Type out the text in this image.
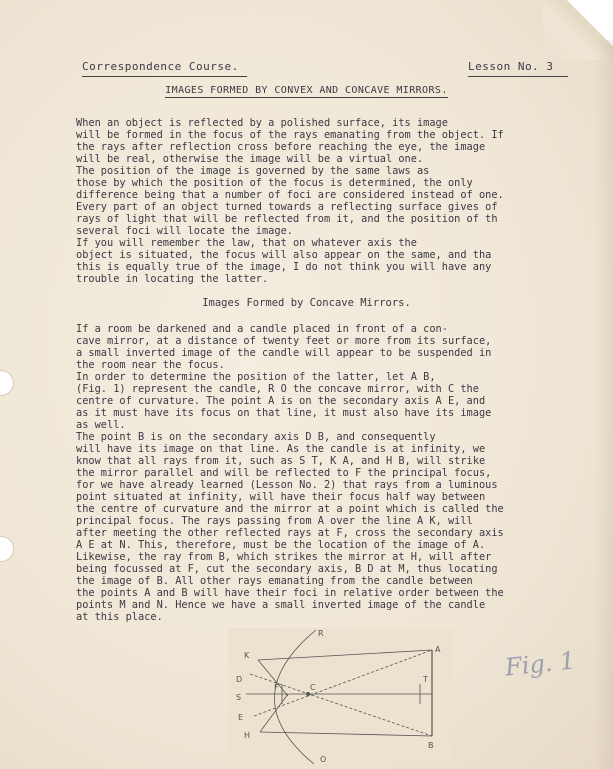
Correspondence Course.	Lesson No. 3
IMAGES FORMED BY CONVEX AND CONCAVE MIRRORS.
When an object is reflected by a polished surface, its image
will be formed in the focus of the rays emanating from the object. If
the rays after reflection cross before reaching the eye, the image
will be real, otherwise the image will be a virtual one.
The position of the image is governed by the same laws as
those by which the position of the focus is determined, the only
difference being that a number of foci are considered instead of one.
Every part of an object turned towards a reflecting surface gives of
rays of light that will be reflected from it, and the position of th
several foci will locate the image.
If you will remember the law, that on whatever axis the
object is situated, the focus will also appear on the same, and tha
this is equally true of the image, I do not think you will have any
trouble in locating the latter.
Images Formed by Concave Mirrors.
If a room be darkened and a candle placed in front of a con-
cave mirror, at a distance of twenty feet or more from its surface,
a small inverted image of the candle will appear to be suspended in
the room near the focus.
In order to determine the position of the latter, let A B,
(Fig. 1) represent the candle, R O the concave mirror, with C the
centre of curvature. The point A is on the secondary axis A E, and
as it must have its focus on that line, it must also have its image
as well.
The point B is on the secondary axis D B, and consequently
will have its image on that line. As the candle is at infinity, we
know that all rays from it, such as S T, K A, and H B, will strike
the mirror parallel and will be reflected to F the principal focus,
for we have already learned (Lesson No. 2) that rays from a luminous
point situated at infinity, will have their focus half way between
the centre of curvature and the mirror at a point which is called the
principal focus. The rays passing from A over the line A K, will
after meeting the other reflected rays at F, cross the secondary axis
A E at N. This, therefore, must be the location of the image of A.
Likewise, the ray from B, which strikes the mirror at H, will after
being focussed at F, cut the secondary axis, B D at M, thus locating
the image of B. All other rays emanating from the candle between
the points A and B will have their foci in relative order between the
points M and N. Hence we have a small inverted image of the candle
at this place.
R
K
D
S
E
H
O
C
F
A
B
T	Fig. 1
